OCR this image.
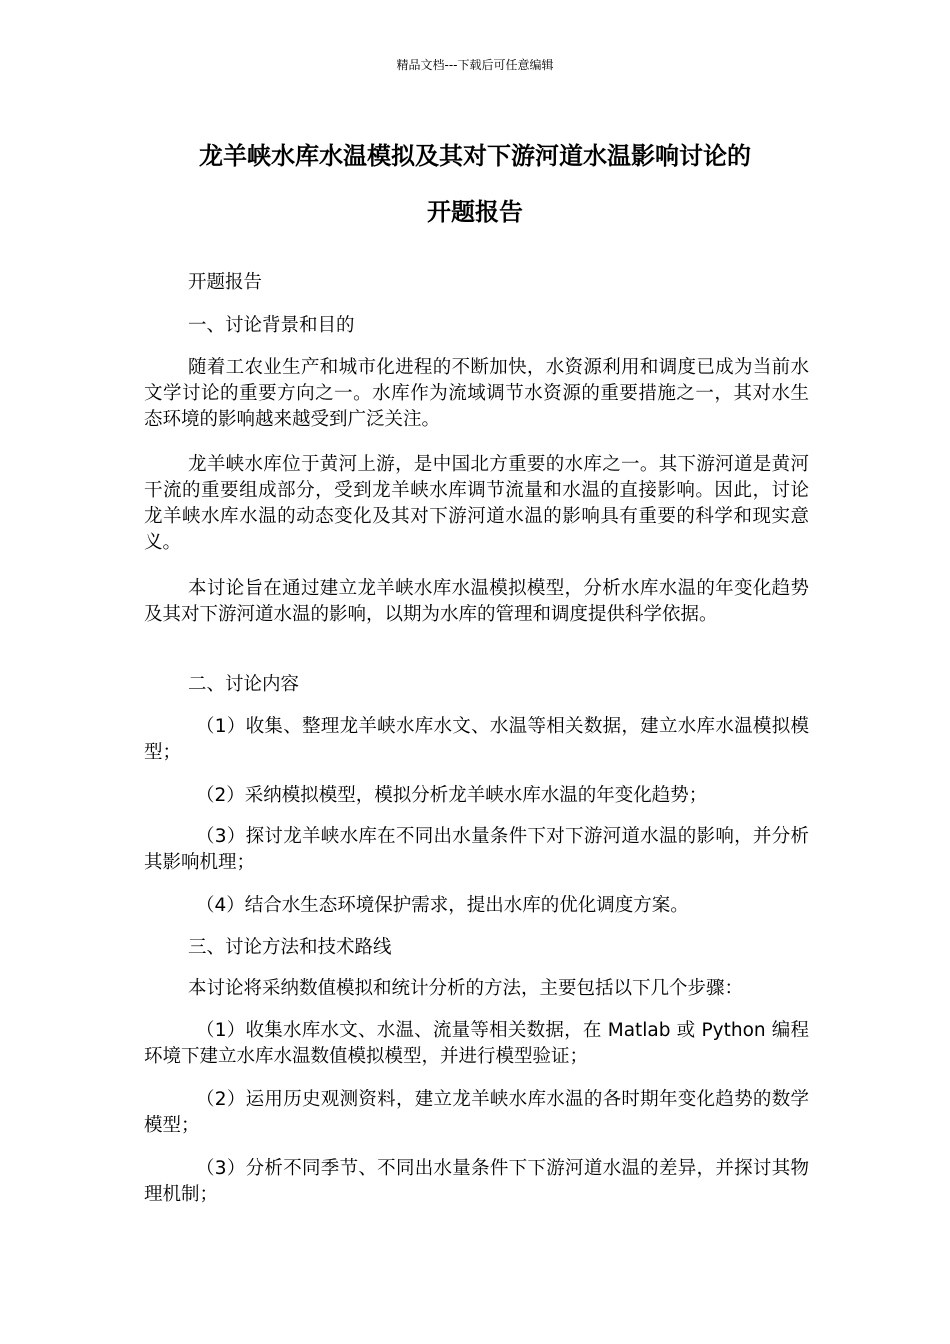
精品文档---下载后可任意编辑
龙羊峡水库水温模拟及其对下游河道水温影响讨论的
开题报告

开题报告

一、讨论背景和目的

随着工农业生产和城市化进程的不断加快，水资源利用和调度已成为当前水文学讨论的重要方向之一。水库作为流域调节水资源的重要措施之一，其对水生态环境的影响越来越受到广泛关注。

龙羊峡水库位于黄河上游，是中国北方重要的水库之一。其下游河道是黄河干流的重要组成部分，受到龙羊峡水库调节流量和水温的直接影响。因此，讨论龙羊峡水库水温的动态变化及其对下游河道水温的影响具有重要的科学和现实意义。

本讨论旨在通过建立龙羊峡水库水温模拟模型，分析水库水温的年变化趋势及其对下游河道水温的影响，以期为水库的管理和调度提供科学依据。

二、讨论内容

（1）收集、整理龙羊峡水库水文、水温等相关数据，建立水库水温模拟模型；

（2）采纳模拟模型，模拟分析龙羊峡水库水温的年变化趋势；

（3）探讨龙羊峡水库在不同出水量条件下对下游河道水温的影响，并分析其影响机理；

（4）结合水生态环境保护需求，提出水库的优化调度方案。

三、讨论方法和技术路线

本讨论将采纳数值模拟和统计分析的方法，主要包括以下几个步骤：

（1）收集水库水文、水温、流量等相关数据，在 Matlab 或 Python 编程环境下建立水库水温数值模拟模型，并进行模型验证；

（2）运用历史观测资料，建立龙羊峡水库水温的各时期年变化趋势的数学模型；

（3）分析不同季节、不同出水量条件下下游河道水温的差异，并探讨其物理机制；
